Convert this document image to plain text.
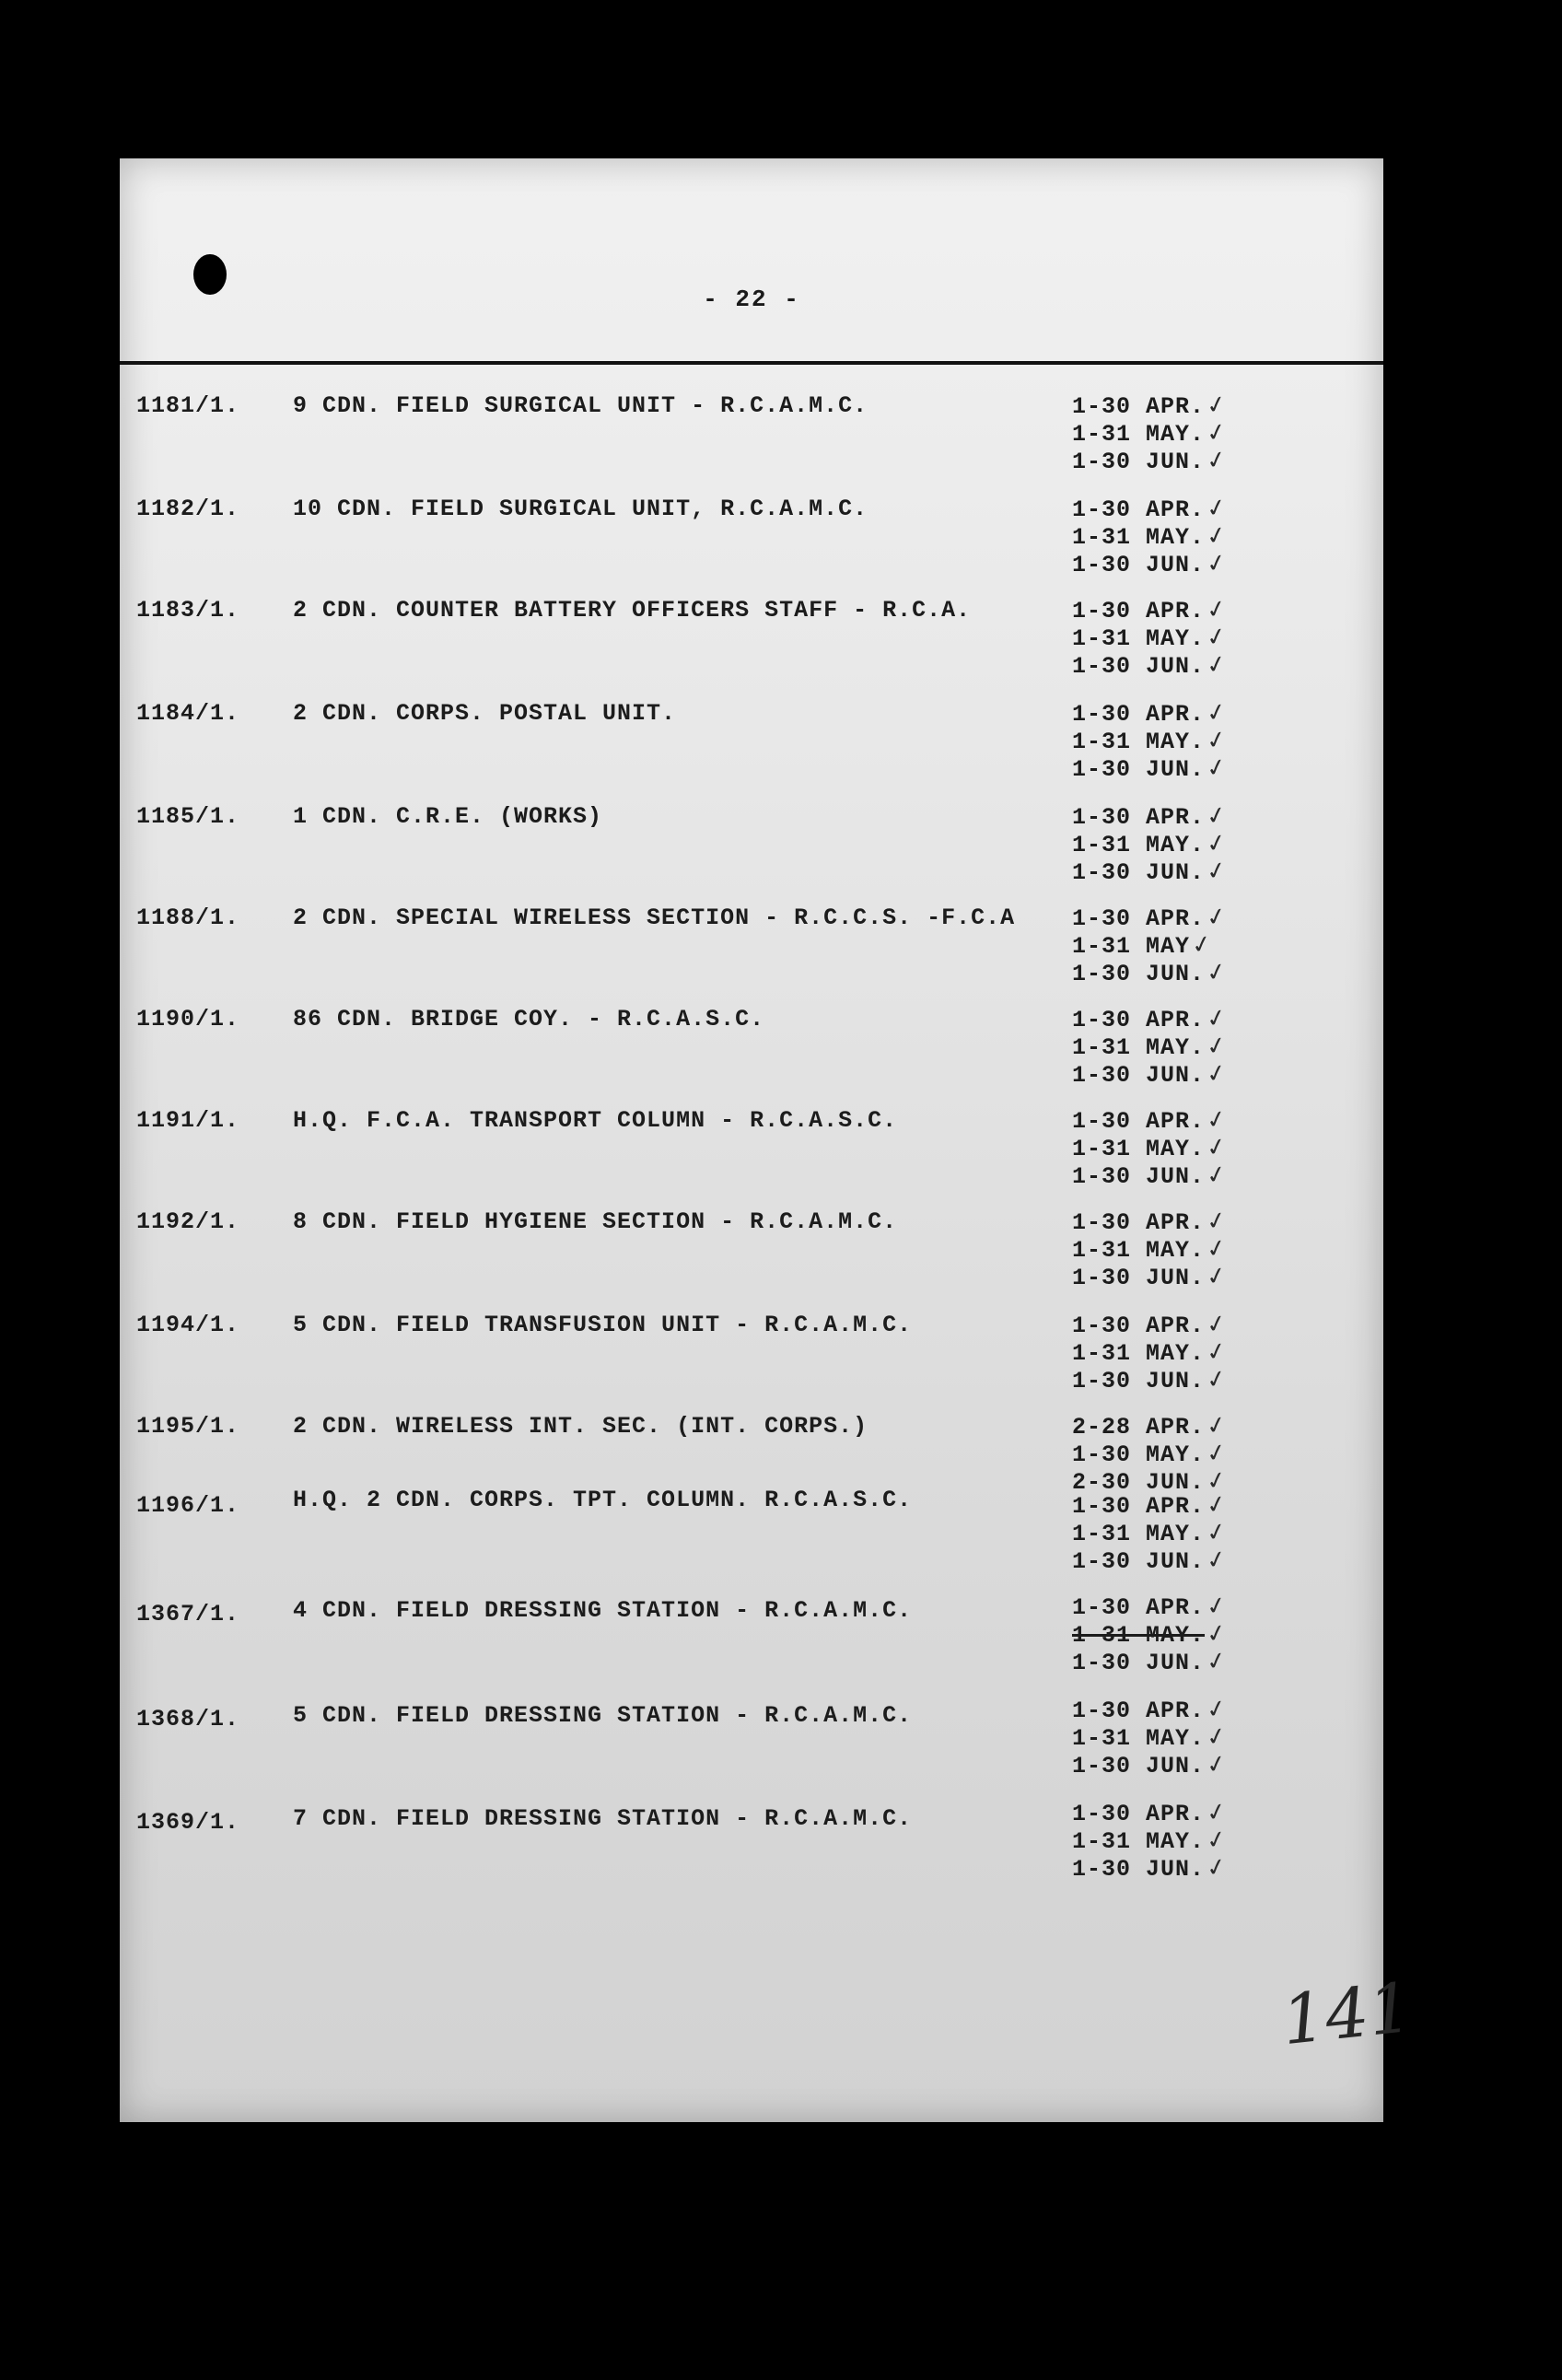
- 22 -
1181/1. 9 CDN. FIELD SURGICAL UNIT - R.C.A.M.C.	1-30 APR.✓
1-31 MAY.✓
1-30 JUN.✓
1182/1. 10 CDN. FIELD SURGICAL UNIT, R.C.A.M.C.	1-30 APR.✓
1-31 MAY.✓
1-30 JUN.✓
1183/1. 2 CDN. COUNTER BATTERY OFFICERS STAFF - R.C.A.	1-30 APR.✓
1-31 MAY.✓
1-30 JUN.✓
1184/1. 2 CDN. CORPS. POSTAL UNIT.	1-30 APR.✓
1-31 MAY.✓
1-30 JUN.✓
1185/1. 1 CDN. C.R.E. (WORKS)	1-30 APR.✓
1-31 MAY.✓
1-30 JUN.✓
1188/1. 2 CDN. SPECIAL WIRELESS SECTION - R.C.C.S. -F.C.A 1-30 APR.✓
1-31 MAY✓
1-30 JUN.✓
1190/1. 86 CDN. BRIDGE COY. - R.C.A.S.C.	1-30 APR.✓
1-31 MAY.✓
1-30 JUN.✓
1191/1. H.Q. F.C.A. TRANSPORT COLUMN - R.C.A.S.C.	1-30 APR.✓
1-31 MAY.✓
1-30 JUN.✓
1192/1. 8 CDN. FIELD HYGIENE SECTION - R.C.A.M.C.	1-30 APR.✓
1-31 MAY.✓
1-30 JUN.✓
1194/1. 5 CDN. FIELD TRANSFUSION UNIT - R.C.A.M.C.	1-30 APR.✓
1-31 MAY.✓
1-30 JUN.✓
1195/1. 2 CDN. WIRELESS INT. SEC. (INT. CORPS.)	2-28 APR.✓
1-30 MAY.✓
2-30 JUN.✓
1196/1. H.Q. 2 CDN. CORPS. TPT. COLUMN. R.C.A.S.C.	1-30 APR.✓
1-31 MAY.✓
1-30 JUN.✓
1367/1. 4 CDN. FIELD DRESSING STATION - R.C.A.M.C.	1-30 APR.✓
1-31 MAY.✓
1-30 JUN.✓
1368/1. 5 CDN. FIELD DRESSING STATION - R.C.A.M.C.	1-30 APR.✓
1-31 MAY.✓
1-30 JUN.✓
1369/1. 7 CDN. FIELD DRESSING STATION - R.C.A.M.C.	1-30 APR.✓
1-31 MAY.✓
1-30 JUN.✓
141
